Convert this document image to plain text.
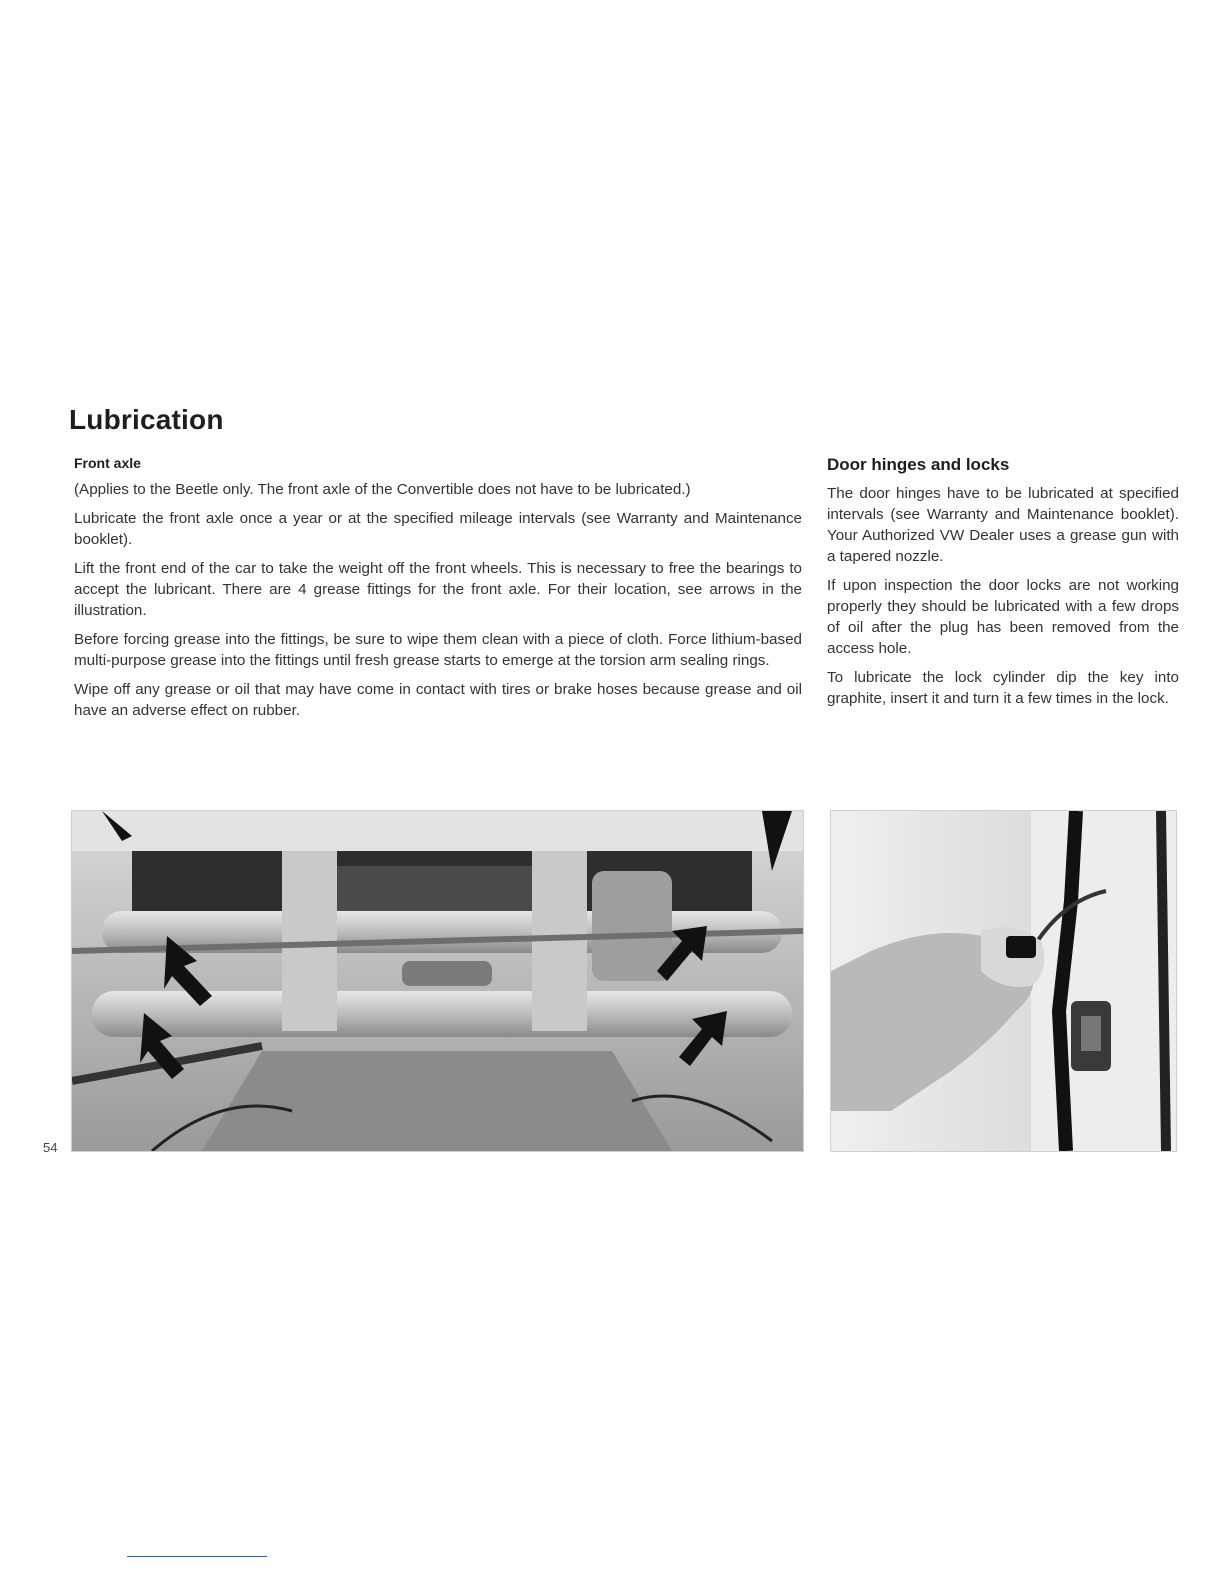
Lubrication
Front axle

(Applies to the Beetle only. The front axle of the Convertible does not have to be lubricated.)

Lubricate the front axle once a year or at the specified mileage intervals (see Warranty and Maintenance booklet).

Lift the front end of the car to take the weight off the front wheels. This is necessary to free the bearings to accept the lubricant. There are 4 grease fittings for the front axle. For their location, see arrows in the illustration.

Before forcing grease into the fittings, be sure to wipe them clean with a piece of cloth. Force lithium-based multi-purpose grease into the fittings until fresh grease starts to emerge at the torsion arm sealing rings.

Wipe off any grease or oil that may have come in contact with tires or brake hoses because grease and oil have an adverse effect on rubber.

Door hinges and locks

The door hinges have to be lubricated at specified intervals (see Warranty and Maintenance booklet). Your Authorized VW Dealer uses a grease gun with a tapered nozzle.

If upon inspection the door locks are not working properly they should be lubricated with a few drops of oil after the plug has been removed from the access hole.

To lubricate the lock cylinder dip the key into graphite, insert it and turn it a few times in the lock.

54
